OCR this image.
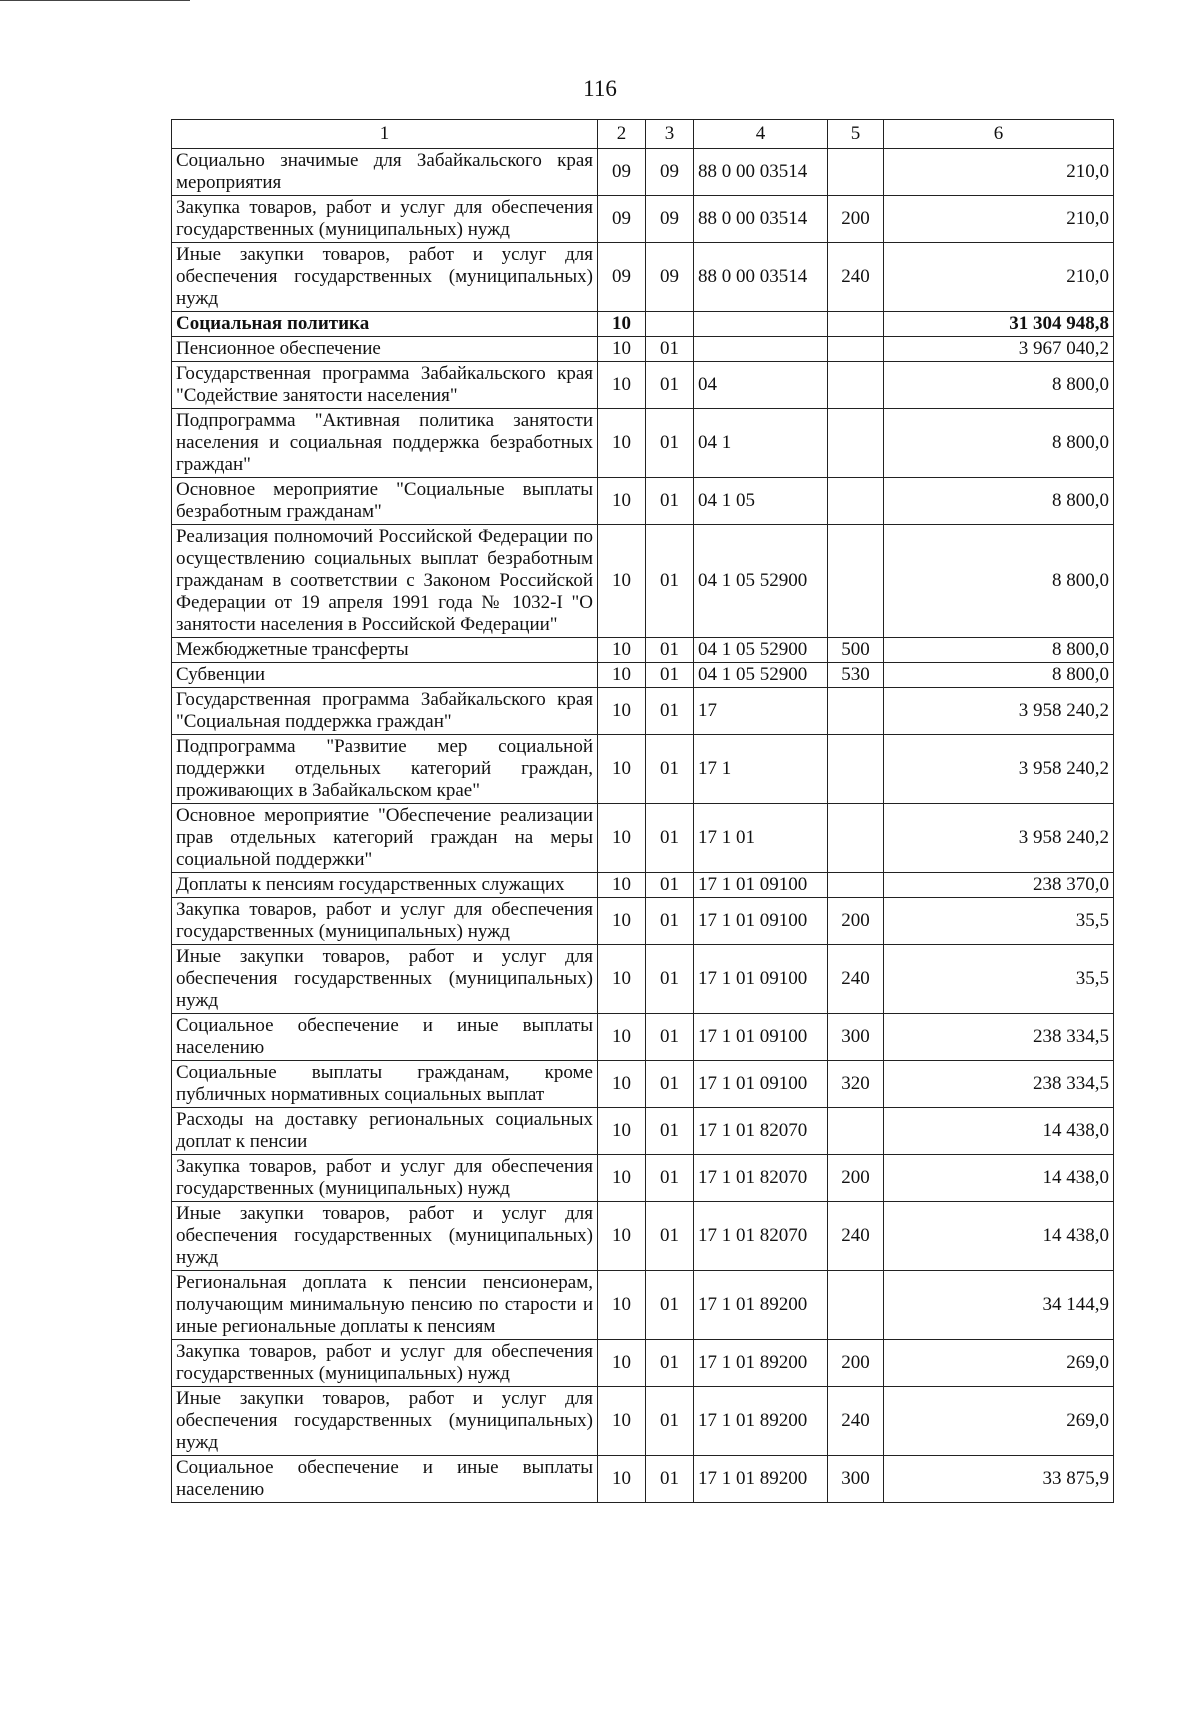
116
1	2	3	4	5	6
Социально значимые для Забайкальского края мероприятия	09	09	88 0 00 03514		210,0
Закупка товаров, работ и услуг для обеспечения государственных (муниципальных) нужд	09	09	88 0 00 03514	200	210,0
Иные закупки товаров, работ и услуг для обеспечения государственных (муниципальных) нужд	09	09	88 0 00 03514	240	210,0
Социальная политика	10				31 304 948,8
Пенсионное обеспечение	10	01			3 967 040,2
Государственная программа Забайкальского края "Содействие занятости населения"	10	01	04		8 800,0
Подпрограмма "Активная политика занятости населения и социальная поддержка безработных граждан"	10	01	04 1		8 800,0
Основное мероприятие "Социальные выплаты безработным гражданам"	10	01	04 1 05		8 800,0
Реализация полномочий Российской Федерации по осуществлению социальных выплат безработным гражданам в соответствии с Законом Российской Федерации от 19 апреля 1991 года № 1032-I "О занятости населения в Российской Федерации"	10	01	04 1 05 52900		8 800,0
Межбюджетные трансферты	10	01	04 1 05 52900	500	8 800,0
Субвенции	10	01	04 1 05 52900	530	8 800,0
Государственная программа Забайкальского края "Социальная поддержка граждан"	10	01	17		3 958 240,2
Подпрограмма "Развитие мер социальной поддержки отдельных категорий граждан, проживающих в Забайкальском крае"	10	01	17 1		3 958 240,2
Основное мероприятие "Обеспечение реализации прав отдельных категорий граждан на меры социальной поддержки"	10	01	17 1 01		3 958 240,2
Доплаты к пенсиям государственных служащих	10	01	17 1 01 09100		238 370,0
Закупка товаров, работ и услуг для обеспечения государственных (муниципальных) нужд	10	01	17 1 01 09100	200	35,5
Иные закупки товаров, работ и услуг для обеспечения государственных (муниципальных) нужд	10	01	17 1 01 09100	240	35,5
Социальное обеспечение и иные выплаты населению	10	01	17 1 01 09100	300	238 334,5
Социальные выплаты гражданам, кроме публичных нормативных социальных выплат	10	01	17 1 01 09100	320	238 334,5
Расходы на доставку региональных социальных доплат к пенсии	10	01	17 1 01 82070		14 438,0
Закупка товаров, работ и услуг для обеспечения государственных (муниципальных) нужд	10	01	17 1 01 82070	200	14 438,0
Иные закупки товаров, работ и услуг для обеспечения государственных (муниципальных) нужд	10	01	17 1 01 82070	240	14 438,0
Региональная доплата к пенсии пенсионерам, получающим минимальную пенсию по старости и иные региональные доплаты к пенсиям	10	01	17 1 01 89200		34 144,9
Закупка товаров, работ и услуг для обеспечения государственных (муниципальных) нужд	10	01	17 1 01 89200	200	269,0
Иные закупки товаров, работ и услуг для обеспечения государственных (муниципальных) нужд	10	01	17 1 01 89200	240	269,0
Социальное обеспечение и иные выплаты населению	10	01	17 1 01 89200	300	33 875,9
